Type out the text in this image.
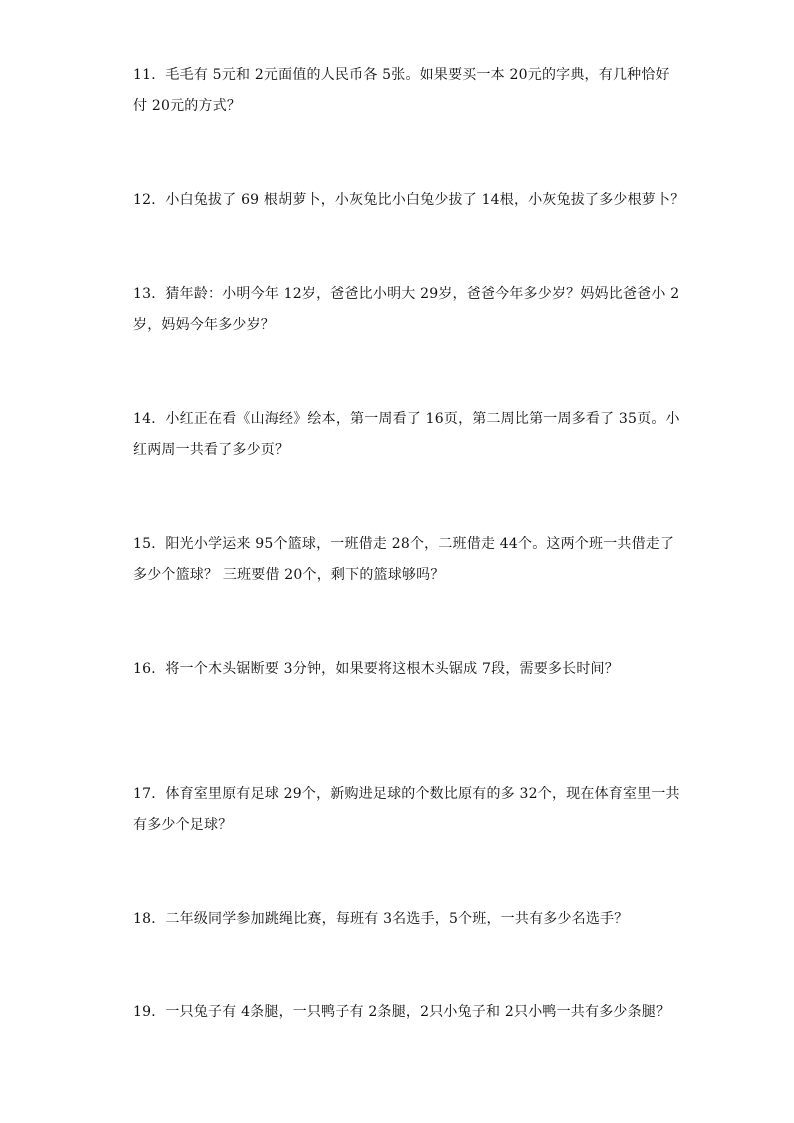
11．毛毛有 5元和 2元面值的人民币各 5张。如果要买一本 20元的字典，有几种恰好
付 20元的方式？
12．小白兔拔了 69 根胡萝卜，小灰兔比小白兔少拔了 14根，小灰兔拔了多少根萝卜？
13．猜年龄：小明今年 12岁，爸爸比小明大 29岁，爸爸今年多少岁？妈妈比爸爸小 2
岁，妈妈今年多少岁？
14．小红正在看《山海经》绘本，第一周看了 16页，第二周比第一周多看了 35页。小
红两周一共看了多少页？
15．阳光小学运来 95个篮球，一班借走 28个，二班借走 44个。这两个班一共借走了
多少个篮球？ 三班要借 20个，剩下的篮球够吗？
16．将一个木头锯断要 3分钟，如果要将这根木头锯成 7段，需要多长时间？
17．体育室里原有足球 29个，新购进足球的个数比原有的多 32个，现在体育室里一共
有多少个足球？
18．二年级同学参加跳绳比赛，每班有 3名选手，5个班，一共有多少名选手？
19．一只兔子有 4条腿，一只鸭子有 2条腿，2只小兔子和 2只小鸭一共有多少条腿？
